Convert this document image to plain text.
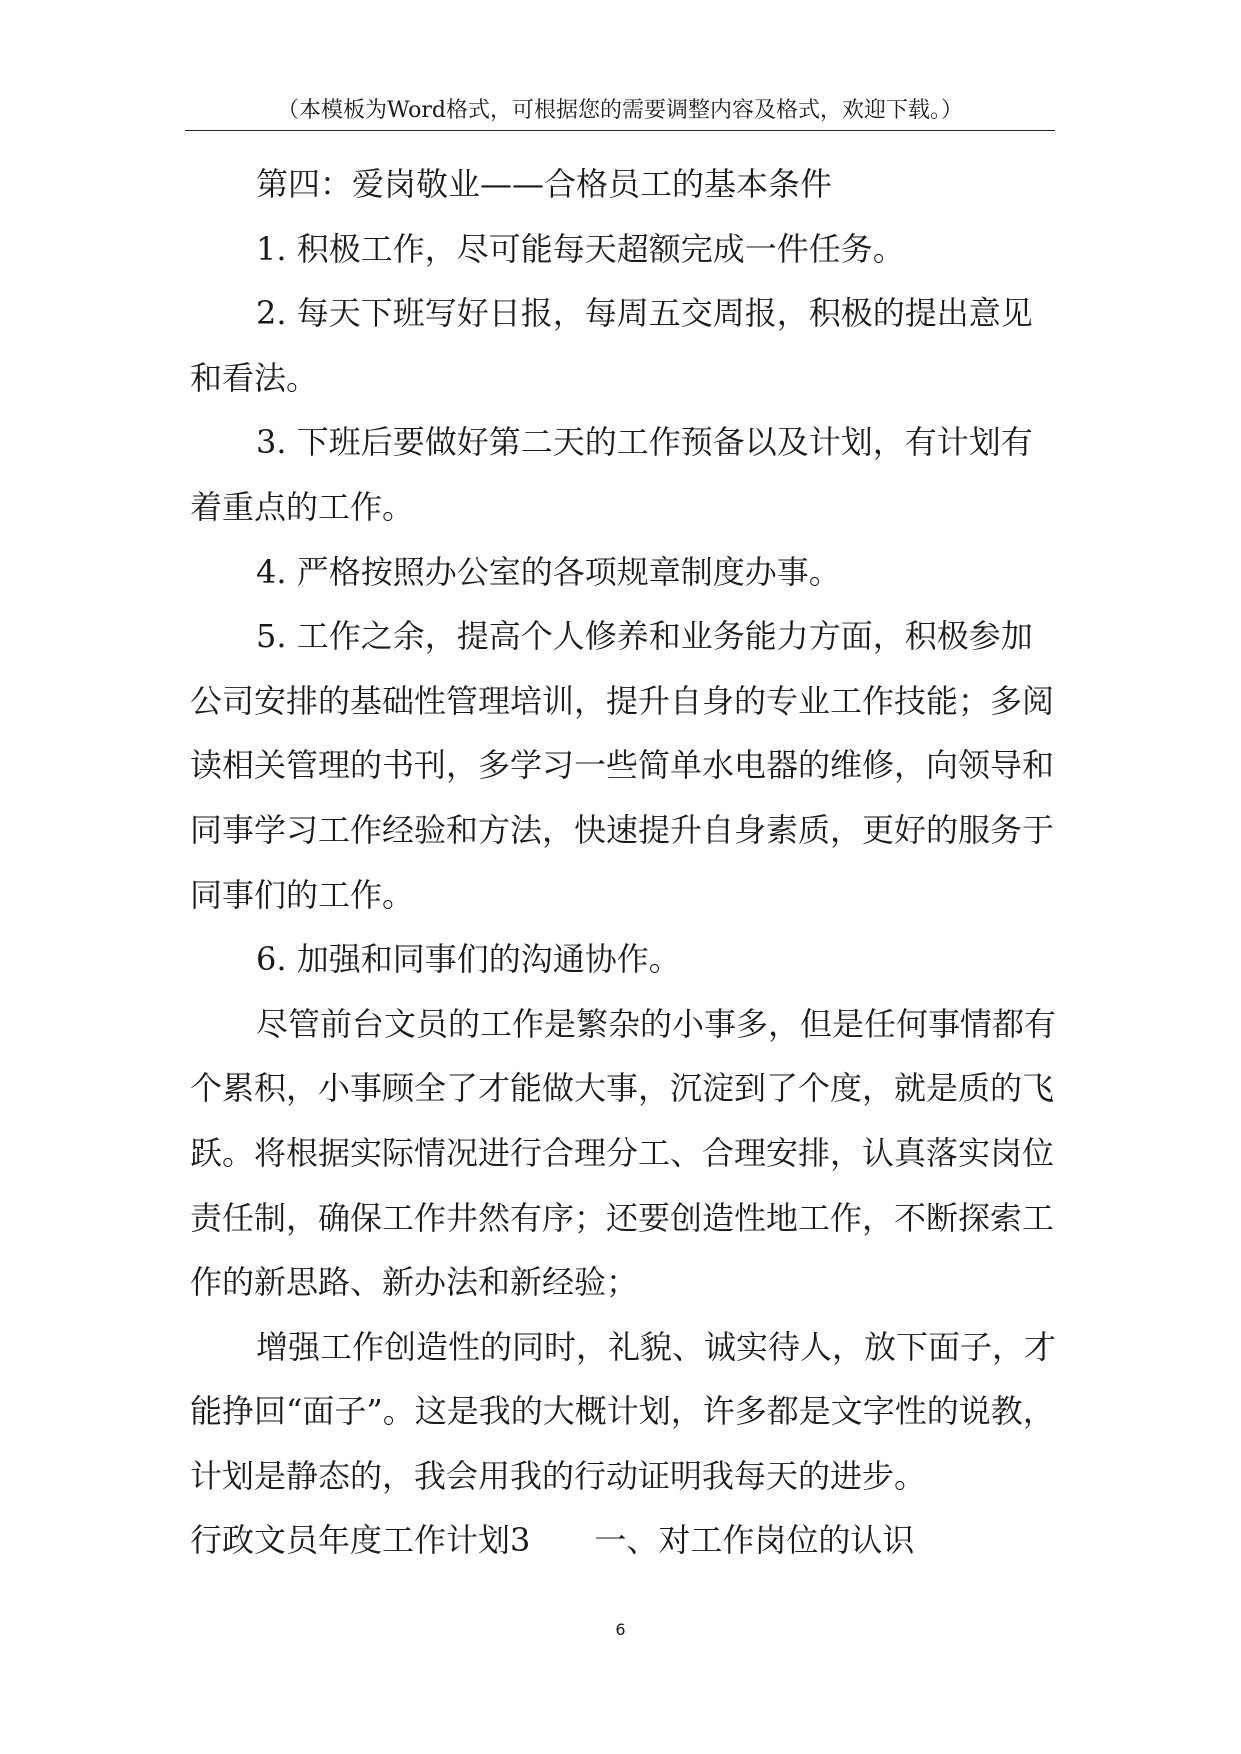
（本模板为Word格式，可根据您的需要调整内容及格式，欢迎下载。）

第四：爱岗敬业——合格员工的基本条件

1. 积极工作，尽可能每天超额完成一件任务。

2. 每天下班写好日报，每周五交周报，积极的提出意见和看法。

3. 下班后要做好第二天的工作预备以及计划，有计划有着重点的工作。

4. 严格按照办公室的各项规章制度办事。

5. 工作之余，提高个人修养和业务能力方面，积极参加公司安排的基础性管理培训，提升自身的专业工作技能；多阅读相关管理的书刊，多学习一些简单水电器的维修，向领导和同事学习工作经验和方法，快速提升自身素质，更好的服务于同事们的工作。

6. 加强和同事们的沟通协作。

尽管前台文员的工作是繁杂的小事多，但是任何事情都有个累积，小事顾全了才能做大事，沉淀到了个度，就是质的飞跃。将根据实际情况进行合理分工、合理安排，认真落实岗位责任制，确保工作井然有序；还要创造性地工作，不断探索工作的新思路、新办法和新经验；

增强工作创造性的同时，礼貌、诚实待人，放下面子，才能挣回“面子”。这是我的大概计划，许多都是文字性的说教，计划是静态的，我会用我的行动证明我每天的进步。

行政文员年度工作计划3　　一、对工作岗位的认识

6
